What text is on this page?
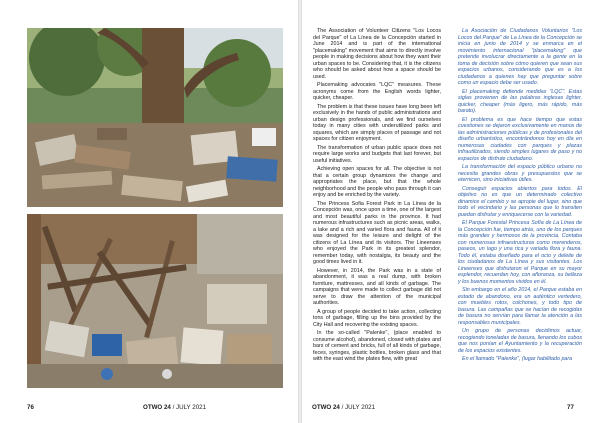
76	OTWO 24 / JULY 2021

The Association of Volunteer Citizens "Los Locos del Parque" of La Línea de la Concepción started in June 2014 and is part of the international "placemaking" movement that aims to directly involve people in making decisions about how they want their urban spaces to be. Considering that, it is the citizens who should be asked about how a space should be used.

Placemaking advocates "LQC" measures. These acronyms come from the English words lighter, quicker, cheaper.

The problem is that these issues have long been left exclusively in the hands of public administrations and urban design professionals, and we find ourselves today in many cities with underutilized parks and squares, which are simply places of passage and not spaces for citizen enjoyment.

The transformation of urban public space does not require large works and budgets that last forever, but useful initiatives.

Achieving open spaces for all. The objective is not that a certain group dynamizes the change and appropriates the place, but that the whole neighborhood and the people who pass through it can enjoy and be enriched by the variety.

The Princess Sofia Forest Park in La Línea de la Concepción was, once upon a time, one of the largest and most beautiful parks in the province. It had numerous infrastructures such as picnic areas, walks, a lake and a rich and varied flora and fauna. All of it was designed for the leisure and delight of the citizens of La Línea and its visitors. The Lineenses who enjoyed the Park in its greatest splendor, remember today, with nostalgia, its beauty and the good times lived in it.

However, in 2014, the Park was in a state of abandonment, it was a real dump, with broken furniture, mattresses, and all kinds of garbage. The campaigns that were made to collect garbage did not serve to draw the attention of the municipal authorities.

A group of people decided to take action, collecting tons of garbage, filling up the bins provided by the City Hall and recovering the existing spaces.

In the so-called "Palenke", (place enabled to consume alcohol), abandoned, closed with plates and bars of cement and bricks, full of all kinds of garbage, feces, syringes, plastic bottles, broken glass and that with the east wind the plates flew, with great

La Asociación de Ciudadanos Voluntarios "Los Locos del Parque" de La Línea de la Concepción se inicia en junio de 2014 y se enmarca en el movimiento internacional "placemaking" que pretende involucrar directamente a la gente en la toma de decisión sobre cómo quieren que sean sus espacios urbanos, considerando que es a los ciudadanos a quienes hay que preguntar sobre como un espacio debe ser usado.

El placemaking defiende medidas "LQC". Estas siglas provienen de las palabras inglesas lighter, quicker, cheaper (más ligero, más rápido, más barato).

El problema es que hace tiempo que estas cuestiones se dejaron exclusivamente en manos de las administraciones públicas y de profesionales del diseño urbanístico, encontrándonos hoy en día en numerosas ciudades con parques y plazas infrautilizados, siendo simples lugares de paso y no espacios de disfrute ciudadano.

La transformación del espacio público urbano no necesita grandes obras y presupuestos que se eternicen, sino iniciativas útiles.

Conseguir espacios abiertos para todos. El objetivo no es que un determinado colectivo dinamice el cambio y se apropie del lugar, sino que todo el vecindario y las personas que lo transiten puedan disfrutar y enriquecerse con la variedad.

El Parque Forestal Princesa Sofía de La Línea de la Concepción fue, tiempo atrás, uno de los parques más grandes y hermosos de la provincia. Contaba con numerosas infraestructuras como merenderos, paseos, un lago y una rica y variada flora y fauna. Todo él, estaba diseñado para el ocio y deleite de los ciudadanos de La Línea y sus visitantes. Los Lineenses que disfrutaron el Parque en su mayor esplendor, recuerdan hoy, con añoranza, su belleza y los buenos momentos vividos en él.

Sin embargo en el año 2014, el Parque estaba en estado de abandono, era un auténtico vertedero, con muebles rotos, colchones, y todo tipo de basura. Las campañas que se hacían de recogidas de basura no servían para llamar la atención a las responsables municipales.

Un grupo de personas decidimos actuar, recogiendo toneladas de basura, llenando los cubos que nos ponían el Ayuntamiento y la recuperación de los espacios existentes.

En el llamado "Palenke", (lugar habilitado para

OTWO 24 / JULY 2021	77
